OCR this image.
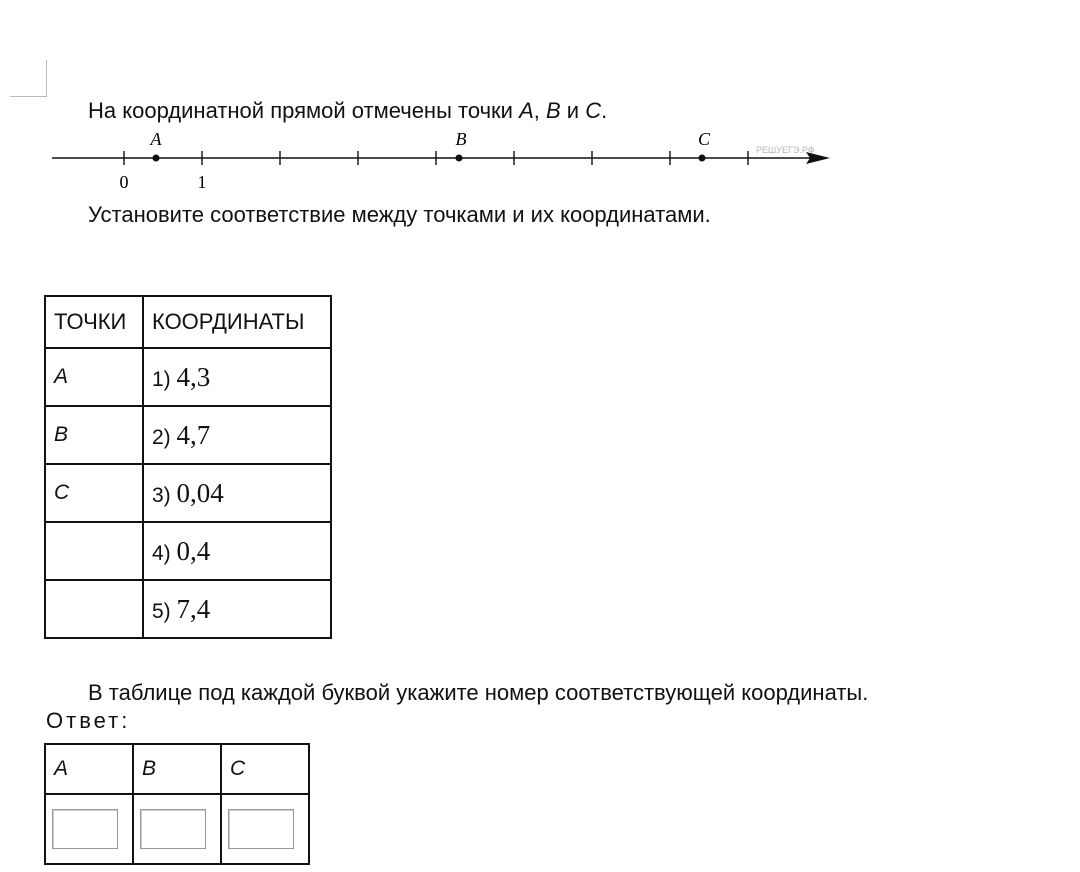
На координатной прямой отмечены точки A, B и C.
A	B	C
0	1
РЕШУЕГЭ.РФ
Установите соответствие между точками и их координатами.
ТОЧКИ	КООРДИНАТЫ
A	1) 4,3
B	2) 4,7
C	3) 0,04
	4) 0,4
	5) 7,4
В таблице под каждой буквой укажите номер соответствующей координаты.
Ответ:
A	B	C
